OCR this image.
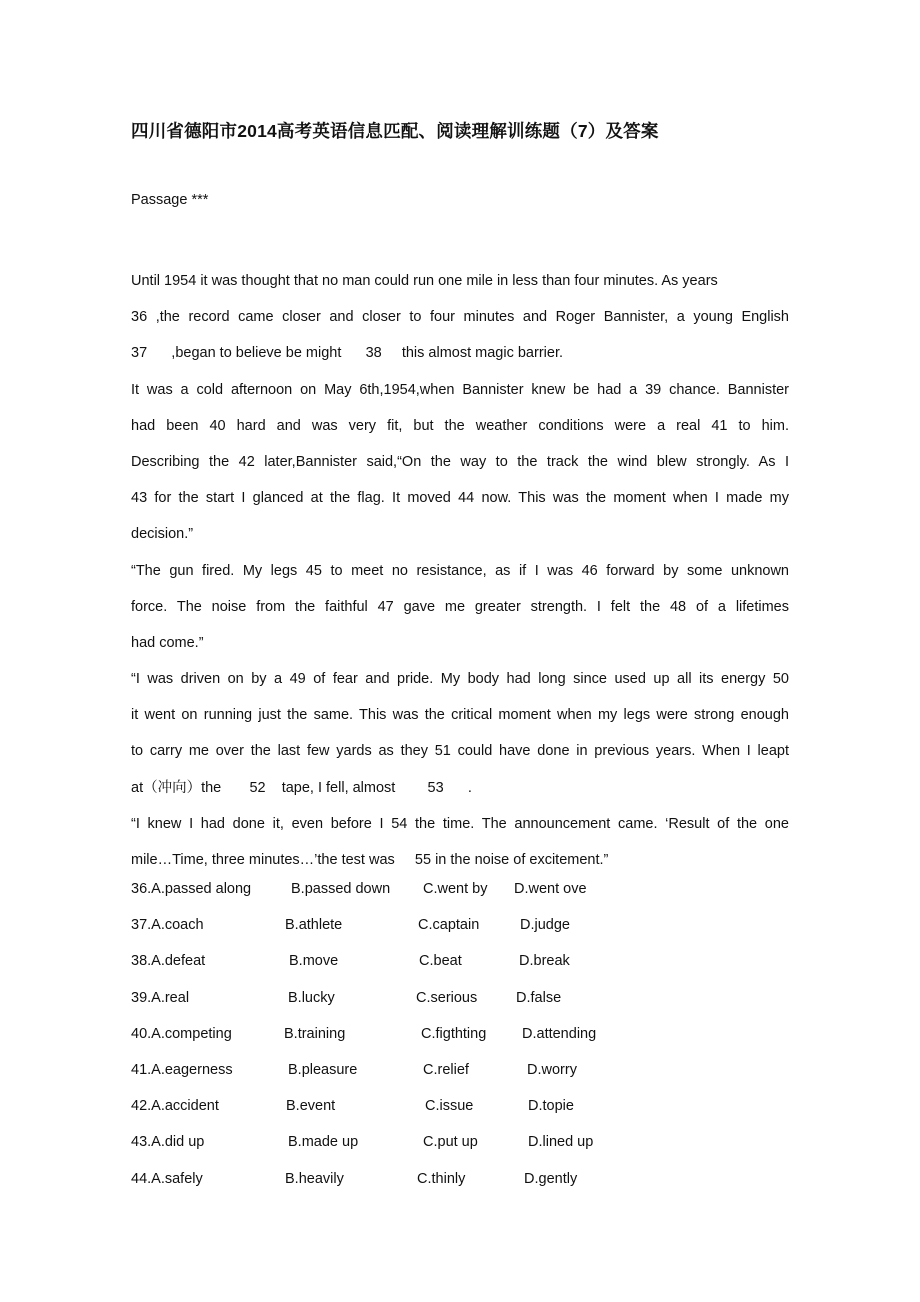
四川省德阳市2014高考英语信息匹配、阅读理解训练题（7）及答案
Passage ***
Until 1954 it was thought that no man could run one mile in less than four minutes. As years
36 ,the record came closer and closer to four minutes and Roger Bannister, a young English
37      ,began to believe be might      38     this almost magic barrier.
It was a cold afternoon on May 6th,1954,when Bannister knew be had a 39 chance. Bannister
had been 40 hard and was very fit, but the weather conditions were a real 41 to him.
Describing the 42 later,Bannister said,“On the way to the track the wind blew strongly. As I
43 for the start I glanced at the flag. It moved 44 now. This was the moment when I made my
decision.”
“The gun fired. My legs 45 to meet no resistance, as if I was 46 forward by some unknown
force. The noise from the faithful 47 gave me greater strength. I felt the 48 of a lifetimes
had come.”
“I was driven on by a 49 of fear and pride. My body had long since used up all its energy 50
it went on running just the same. This was the critical moment when my legs were strong enough
to carry me over the last few yards as they 51 could have done in previous years. When I leapt
at（冲向）the       52    tape, I fell, almost        53      .
“I knew I had done it, even before I 54 the time. The announcement came. ‘Result of the one
mile…Time, three minutes…’the test was     55 in the noise of excitement.”
36.A.passed along	B.passed down C.went by D.went ove
37.A.coach	B.athlete	C.captain	D.judge
38.A.defeat	B.move	C.beat	D.break
39.A.real	B.lucky	C.serious	D.false
40.A.competing	B.training	C.figthting D.attending
41.A.eagerness	B.pleasure	C.relief	D.worry
42.A.accident	B.event	C.issue	D.topie
43.A.did up	B.made up	C.put up	D.lined up
44.A.safely	B.heavily	C.thinly	D.gently
